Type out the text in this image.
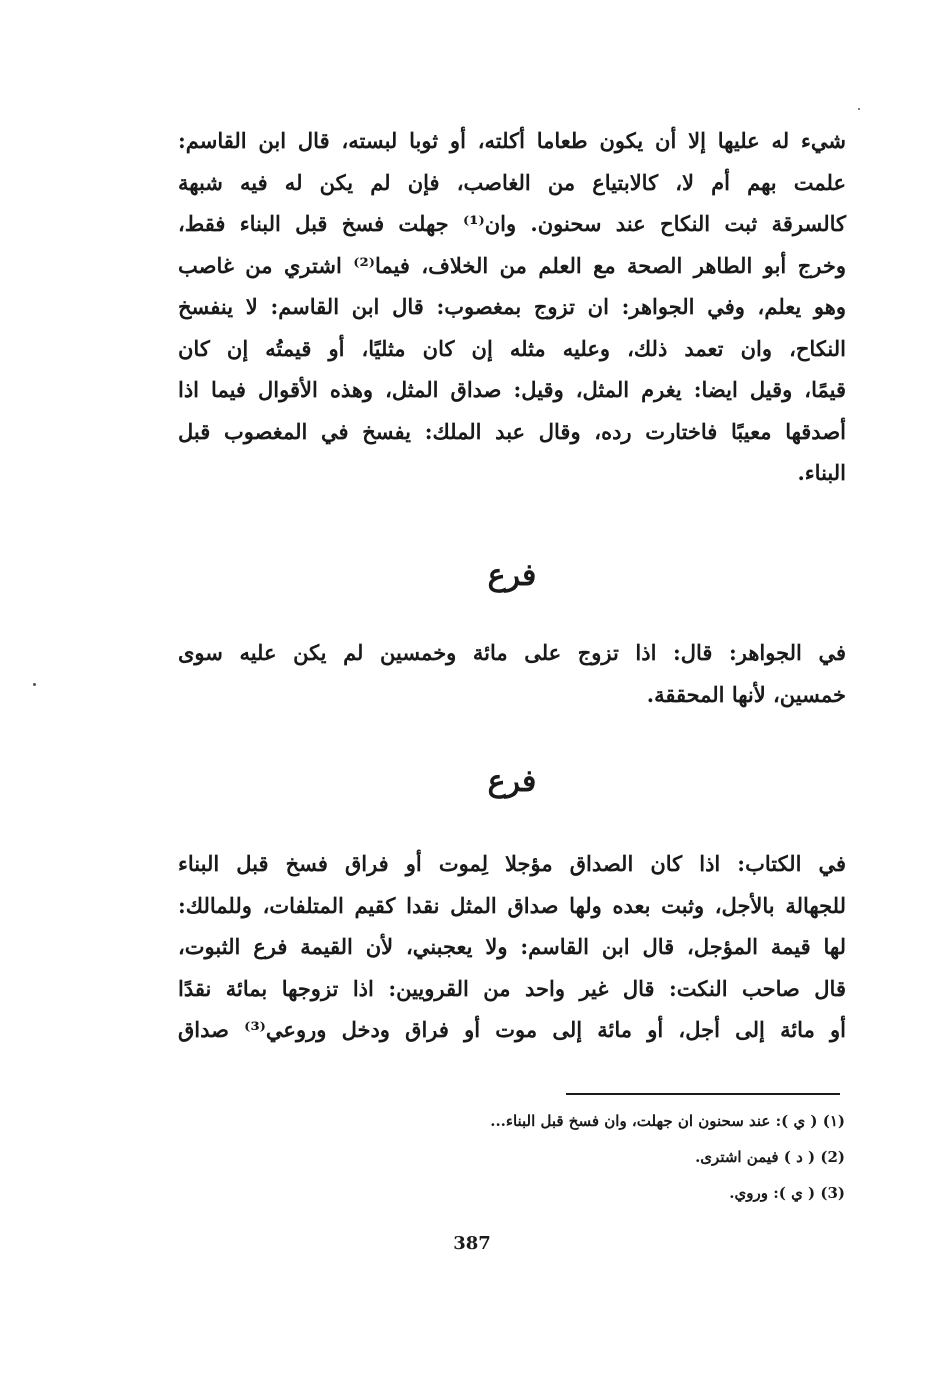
شيء له عليها إلا أن يكون طعاما أكلته، أو ثوبا لبسته، قال ابن القاسم:
علمت بهم أم لا، كالابتياع من الغاصب، فإن لم يكن له فيه شبهة
كالسرقة ثبت النكاح عند سحنون. وان⁽¹⁾ جهلت فسخ قبل البناء فقط،
وخرج أبو الطاهر الصحة مع العلم من الخلاف، فيما⁽²⁾ اشتري من غاصب
وهو يعلم، وفي الجواهر: ان تزوج بمغصوب: قال ابن القاسم: لا ينفسخ
النكاح، وان تعمد ذلك، وعليه مثله إن كان مثليًا، أو قيمتُه إن كان
قيمًا، وقيل ايضا: يغرم المثل، وقيل: صداق المثل، وهذه الأقوال فيما اذا
أصدقها معيبًا فاختارت رده، وقال عبد الملك: يفسخ في المغصوب قبل
البناء.
فرع
في الجواهر: قال: اذا تزوج على مائة وخمسين لم يكن عليه سوى
خمسين، لأنها المحققة.
فرع
في الكتاب: اذا كان الصداق مؤجلا لِموت أو فراق فسخ قبل البناء
للجهالة بالأجل، وثبت بعده ولها صداق المثل نقدا كقيم المتلفات، وللمالك:
لها قيمة المؤجل، قال ابن القاسم: ولا يعجبني، لأن القيمة فرع الثبوت،
قال صاحب النكت: قال غير واحد من القرويين: اذا تزوجها بمائة نقدًا
أو مائة إلى أجل، أو مائة إلى موت أو فراق ودخل وروعي⁽³⁾ صداق
(١) ( ي ): عند سحنون ان جهلت، وان فسخ قبل البناء...
(2) ( د ) فيمن اشترى.
(3) ( ي ): وروي.
387
